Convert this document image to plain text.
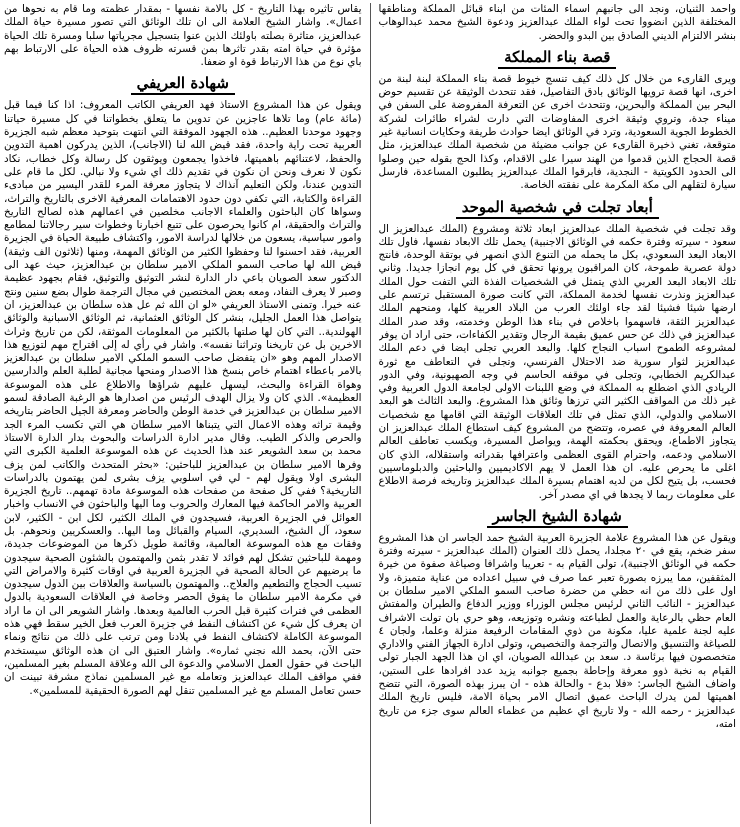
واحمد الثنيان، ونجد الى جانبهم اسماء المئات من ابناء قبائل المملكة ومناطقها المختلفة الذين انضووا تحت لواء الملك عبدالعزيز ودعوة الشيخ محمد عبدالوهاب بنشر الالتزام الديني الصادق بين البدو والحضر.

قصة بناء المملكة

ويرى القارىء من خلال كل ذلك كيف تنسج خيوط قصة بناء المملكة لبنة لبنة من اخرى، انها قصة ترويها الوثائق بادق التفاصيل، فقد تتحدث الوثيقة عن تقسيم حوض البحر بين المملكة والبحرين، وتتحدث اخرى عن التعرفة المفروضة على السفن في ميناء جدة، وتروي وثيقة اخرى المفاوضات التي دارت لشراء طائرات لشركة الخطوط الجوية السعودية، وترد في الوثائق ايضا حوادث طريفة وحكايات انسانية غير متوقعة، تغني ذخيرة القارىء عن جوانب مضيئة من شخصية الملك عبدالعزيز، مثل قصة الحجاج الذين قدموا من الهند سيرا على الاقدام، وكذا الحج بقوله حين وصلوا الى الحدود الكويتية - النجدية، فابرقوا الملك عبدالعزيز يطلبون المساعدة، فارسل سيارة لتقلهم الى مكة المكرمة على نفقته الخاصة.

أبعاد تجلت في شخصية الموحد

وقد تجلت في شخصية الملك عبدالعزيز ابعاد ثلاثة ومشروع (الملك عبدالعزيز ال سعود - سيرته وفترة حكمه في الوثائق الاجنبية) يحمل تلك الابعاد نفسها، فاول تلك الابعاد البعد السعودي، بكل ما يحمله من التنوع الذي انصهر في بوتقة الوحدة، فانتج دولة عصرية طموحة، كان المراقبون يرونها تحقق في كل يوم انجازا جديدا. وثاني تلك الابعاد البعد العربي الذي يتمثل في الشخصيات الفذة التي التفت حول الملك عبدالعزيز ونذرت نفسها لخدمة المملكة، التي كانت صورة المستقبل ترتسم على ارضها شيئا فشيئا لقد جاء اولئك العرب من البلاد العربية كلها، ومنحهم الملك عبدالعزيز الثقة، فاسهموا باخلاص في بناء هذا الوطن وخدمته، وقد صدر الملك عبدالعزيز في ذلك عن حس عميق بقيمة الرجال وتقدير الكفاءات، حتى اراد ان يوفر لمشروعه الطموح اسباب النجاح كلها. والبعد العربي تجلى ايضا في دعم الملك عبدالعزيز لثوار سورية ضد الاحتلال الفرنسي، وتجلى في التعاطف مع ثورة عبدالكريم الخطابي، وتجلى في موقفه الحاسم في وجه الصهيونية، وفي الدور الريادي الذي اضطلع به المملكة في وضع اللبنات الاولى لجامعة الدول العربية وفي غير ذلك من المواقف الكثير التي ترزها وثائق هذا المشروع. والبعد الثالث هو البعد الاسلامي والدولي، الذي تمثل في تلك العلاقات الوثيقة التي اقامها مع شخصيات العالم المعروفة في عصره، وتتضح من المشروع كيف استطاع الملك عبدالعزيز ان يتجاوز الاطماع، ويحقق بحكمته الهمة، ويواصل المسيرة، ويكسب تعاطف العالم الاسلامي ودعمه، واحترام القوى العظمى واعترافها بقدراته واستقلاله، الذي كان اغلى ما يحرص عليه. ان هذا العمل لا يهم الاكاديميين والباحثين والدبلوماسيين فحسب، بل يتيح لكل من لديه اهتمام بسيرة الملك عبدالعزيز وتاريخه فرصة الاطلاع على معلومات ربما لا يجدها في اي مصدر آخر.

شهادة الشيخ الجاسر

ويقول عن هذا المشروع علامة الجزيرة العربية الشيخ حمد الجاسر ان هذا المشروع سفر ضخم، يقع في ٢٠ مجلدا، يحمل ذلك العنوان (الملك عبدالعزيز - سيرته وفترة حكمه في الوثائق الاجنبية)، تولى القيام به - تعريبا واشرافا وصياغة صفوة من خيرة المثقفين، مما يبرزه بصورة تعبر عما صرف في سبيل اعداده من عناية متميزة، ولا اول على ذلك من انه حظي من حضرة صاحب السمو الملكي الامير سلطان بن عبدالعزيز - النائب الثاني لرئيس مجلس الوزراء ووزير الدفاع والطيران والمفتش العام حظي بالرعاية والعمل لطباعته ونشره وتوزيعه، وهو حري بان تولت الاشراف عليه لجنة علمية عليا، مكونة من ذوي المقامات الرفيعة منزلة وعلما، ولجان ٤ للصياغة والتنسيق والاتصال والترجمة والتخصيص، وتولى ادارة الجهاز الفني والاداري متخصصون فيها برئاسة د. سعد بن عبدالله الصويان، اي ان هذا الجهد الجبار تولى القيام به نخبة ذوو معرفة وإحاطة بجميع جوانبه يزيد عدد افرادها على الستين، واضاف الشيخ الجاسر: «فلا بدع - والحالة هذه - ان يبرز بهذه الصورة، التي تتضح اهميتها لمن يدرك الباحث عميق اتصال الامر بحياة الامة، فليس تاريخ الملك عبدالعزيز - رحمه الله - ولا تاريخ اي عظيم من عظماء العالم سوى جزء من تاريخ امته،

يقاس تاثيره بهذا التاريخ - كل بالامة نفسها - بمقدار عظمته وما قام به نحوها من اعمال». واشار الشيخ العلامة الى ان تلك الوثائق التي تصور مسيرة حياة الملك عبدالعزيز، متاثرة بصلته باولئك الذين عنوا بتسجيل مجرياتها سلبا ومسرة تلك الحياة مؤثرة في حياة امته بقدر تاثرها بمن قسرته ظروف هذه الحياة على الارتباط بهم باي نوع من هذا الارتباط قوة او ضعفا.

شهادة العريفي

ويقول عن هذا المشروع الاستاذ فهد العريفي الكاتب المعروف: اذا كنا فيما قبل (مائة عام) وما تلاها عاجزين عن تدوين ما يتعلق بخطواتنا في كل مسيرة حياتنا وجهود موحدنا العظيم.. هذه الجهود الموفقة التي انتهت بتوحيد معظم شبه الجزيرة العربية تحت راية واحدة، فقد قيض الله لنا (الاجانب)، الذين يدركون اهمية التدوين والحفظ، لاعتنائهم باهميتها، فاخذوا يجمعون ويوثقون كل رسالة وكل خطاب، نكاد نكون لا نعرف ونحن ان نكون في تقديم ذلك اي شيء ولا نبالي. لكل ما قام على التدوين عندنا، ولكن التعليم آنذاك لا يتجاوز معرفة المرء للقدر اليسير من مبادىء القراءة والكتابة، التي تكفي دون حدود الاهتمامات المعرفية الاخرى بالتاريخ والتراث، وسواها كان الباحثون والعلماء الاجانب مخلصين في اعمالهم هذه لصالح التاريخ والتراث والحقيقة، ام كانوا يحرصون على تتبع اخبارنا وخطوات سير رجالاتنا لمطامع وامور سياسية، يسعون من خلالها لدراسة الامور، واكتشاف طبيعة الحياة في الجزيرة العربية، فقد احسنوا لنا وحفظوا الكثير من الوثائق المهمة، ومنها (ثلاثون الف وثيقة) قيض الله لها صاحب السمو الملكي الامير سلطان بن عبدالعزيز، حيث عهد الى الدكتور سعد الصويان باعي دار الدارة لنشر التوثيق والتوثيق، فقام بجهود عظيمة وصبر لا يعرف النفاد، ومعه بعض المختصين في مجال الترجمة طوال بضع سنين ونتج عنه خيرا. وتمنى الاستاذ العريفي «لو ان الله ثم عل هذه سلطان بن عبدالعزيز، ان يتواصل هذا العمل الجليل، بنشر كل الوثائق العثمانية، ثم الوثائق الاسبانية والوثائق الهولندية.. التي كان لها صلتها بالكثير من المعلومات الموثقة، لكن من تاريخ وثراث الاخرين بل عن تاريخنا وتراثنا نفسه». واشار في رأي له إلى اقتراح مهم لتوزيع هذا الاصدار المهم وهو «ان يتفضل صاحب السمو الملكي الامير سلطان بن عبدالعزيز بالامر باعطاء اهتمام خاص بنسخ هذا الاصدار ومنحها مجانية لطلبة العلم والدارسين وهواة القراءة والبحث، ليسهل عليهم شراؤها والاطلاع على هذه الموسوعة العظيمة». الذي كان ولا يزال الهدف الرئيس من اصدارها هو الرغبة الصادقة لسمو الامير سلطان بن عبدالعزيز في خدمة الوطن والحاضر ومعرفة الجيل الحاضر بتاريخه وقيمة تراثه وهذه الاعمال التي يتبناها الامير سلطان هي التي تكسب المرء الجد والحرص والذكر الطيب. وقال مدير ادارة الدراسات والبحوث بدار الدارة الاستاذ محمد بن سعد الشويعر عند هذا الحديث عن هذه الموسوعة العلمية الكبرى التي وفرها الامير سلطان بن عبدالعزيز للباحثين: «بحثر المتحدث والكاتب لمن يزف البشرى اولا ويقول لهم - لي في اسلوبي يزف بشرى لمن يهتمون بالدراسات التاريخية؟ ففي كل صفحة من صفحات هذه الموسوعة مادة تهمهم.. تاريخ الجزيرة العربية والامر الحاكمة فيها المعارك والحروب وما اليها والباحثون في الانساب واخبار العوائل في الجزيرة العربية، فسيجدون في الملك الكثير، لكل ابن - الكثير، لابن سعود، آل الشيخ، السديري، السيام والقبائل وما اليها.. والعسكريين ونحوهم. بل وفقات مع هذه الموسوعة العالمية، وقائمة طويل ذكرها من الموضوعات جديدة، ومهمة للباحثين تشكل لهم فوائد لا تقدر بثمن والمهتمون بالشئون الصحية سيجدون ما يرضيهم عن الحالة الصحية في الجزيرة العربية في اوقات كثيرة والامراض التي تسيب الحجاج والتطعيم والعلاج.. والمهتمون بالسياسة والعلاقات بين الدول سيجدون في مكرمة الامير سلطان ما يفوق الحصر وخاصة في العلاقات السعودية بالدول العظمى في فترات كثيرة قبل الحرب العالمية وبعدها. واشار الشويعر الى ان ما اراد ان يعرف كل شيء عن اكتشاف النفط في جزيرة العرب فعل الخير سقط فهي هذه الموسوعة الكاملة لاكتشاف النفط في بلادنا ومن ترتب على ذلك من نتائج ونماء حتى الآن، بحمد الله نجني ثماره». واشار العتيق الى ان هذه الوثائق سيستخدم الباحث في حقول العمل الاسلامي والدعوة الى الله وعلاقة المسلم بغير المسلمين، ففي مواقف الملك عبدالعزيز وتعامله مع غير المسلمين نماذج مشرفة تبينت ان حسن تعامل المسلم مع غير المسلمين تنقل لهم الصورة الحقيقية للمسلمين».
